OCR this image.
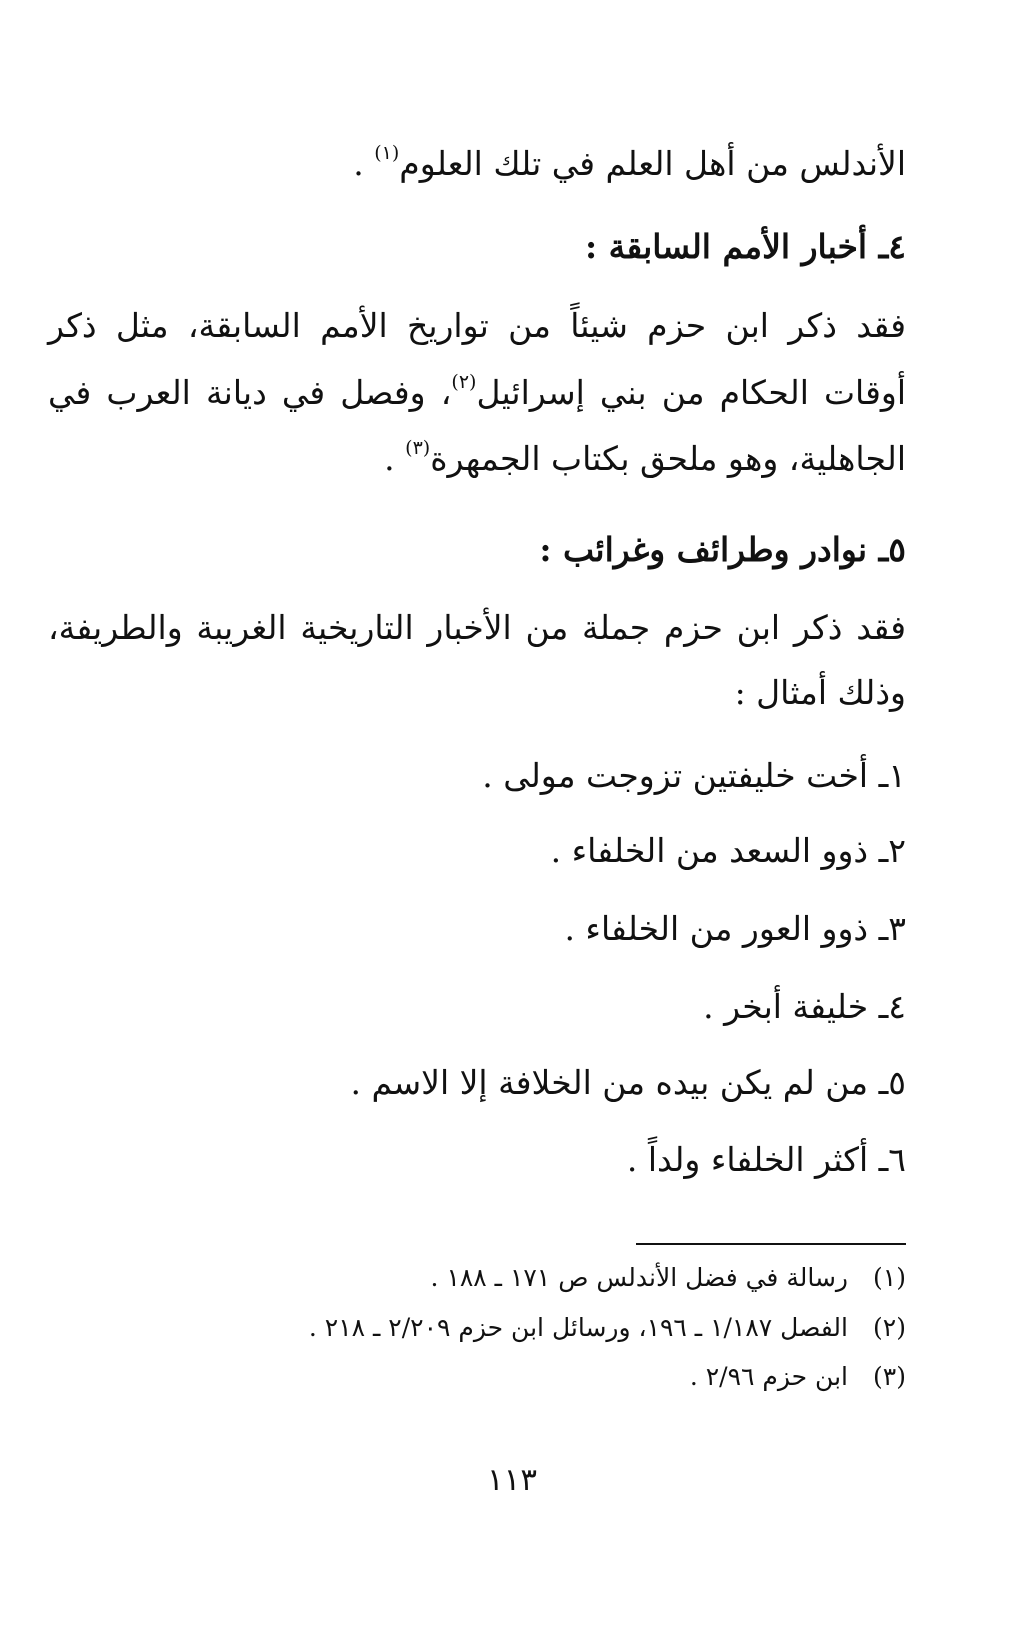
الأندلس من أهل العلم في تلك العلوم$^{(١)}$ .
٤ـ أخبار الأمم السابقة :
فقد ذكر ابن حزم شيئاً من تواريخ الأمم السابقة، مثل ذكر
أوقات الحكام من بني إسرائيل$^{(٢)}$، وفصل في ديانة العرب في
الجاهلية، وهو ملحق بكتاب الجمهرة$^{(٣)}$ .
٥ـ نوادر وطرائف وغرائب :
فقد ذكر ابن حزم جملة من الأخبار التاريخية الغريبة والطريفة،
وذلك أمثال :
١ـ أخت خليفتين تزوجت مولى .
٢ـ ذوو السعد من الخلفاء .
٣ـ ذوو العور من الخلفاء .
٤ـ خليفة أبخر .
٥ـ من لم يكن بيده من الخلافة إلا الاسم .
٦ـ أكثر الخلفاء ولداً .
(١)رسالة في فضل الأندلس ص ١٧١ ـ ١٨٨ .
(٢)الفصل ١/١٨٧ ـ ١٩٦، ورسائل ابن حزم ٢/٢٠٩ ـ ٢١٨ .
(٣)ابن حزم ٢/٩٦ .
١١٣
